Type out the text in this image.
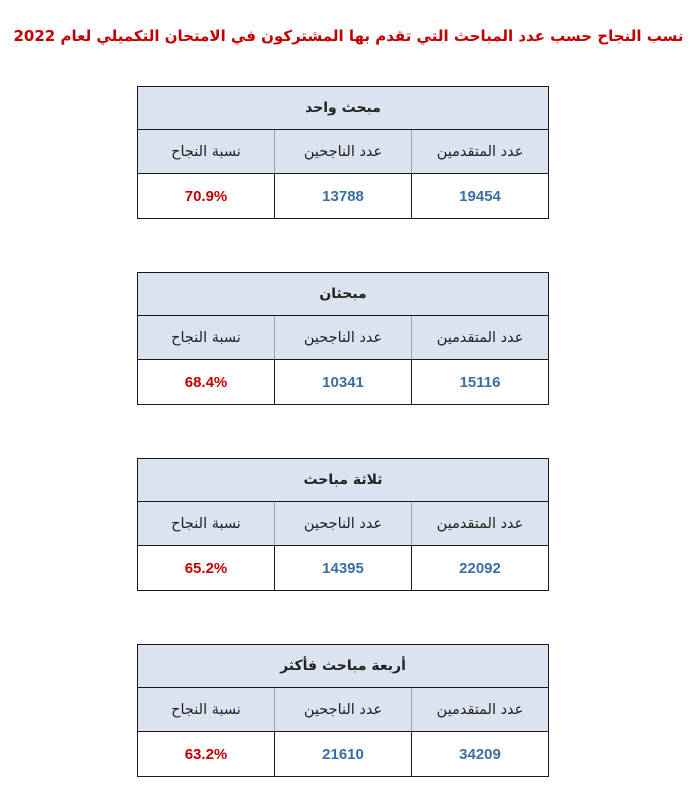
نسب النجاح حسب عدد المباحث التي تقدم بها المشتركون في الامتحان التكميلي لعام 2022
مبحث واحد		
عدد المتقدمين	عدد الناجحين	نسبة النجاح
19454	13788	70.9%
مبحثان		
عدد المتقدمين	عدد الناجحين	نسبة النجاح
15116	10341	68.4%
ثلاثة مباحث		
عدد المتقدمين	عدد الناجحين	نسبة النجاح
22092	14395	65.2%
أربعة مباحث فأكثر		
عدد المتقدمين	عدد الناجحين	نسبة النجاح
34209	21610	63.2%
